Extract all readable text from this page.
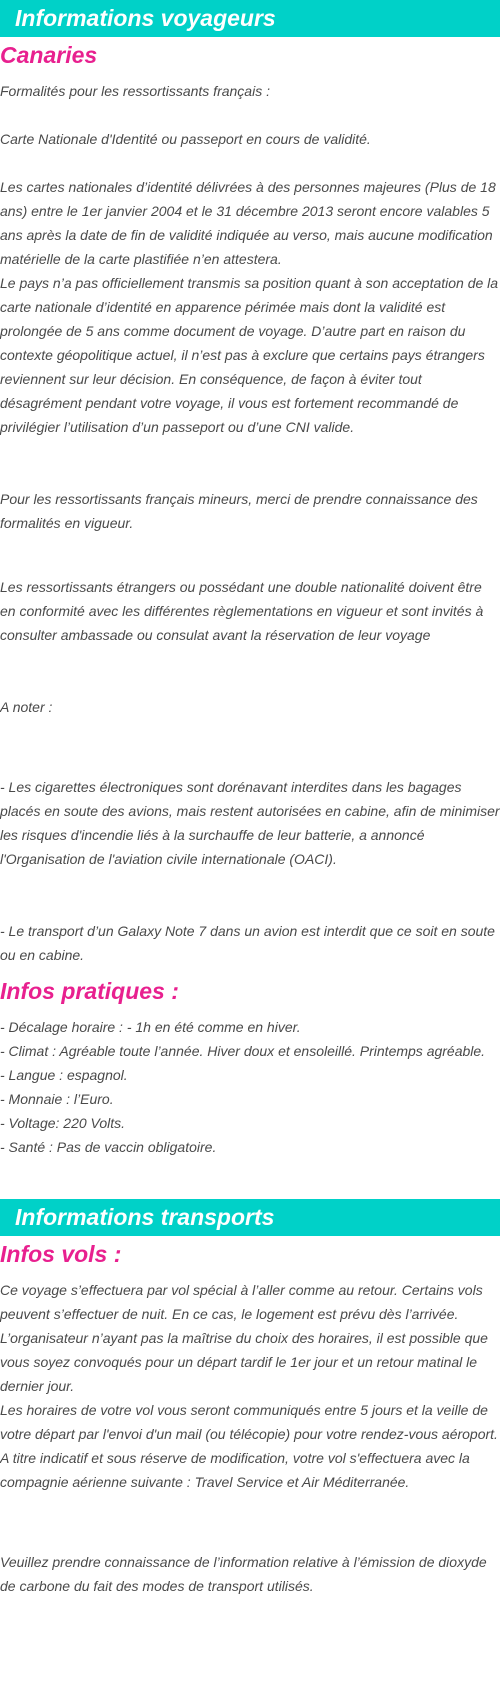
Informations voyageurs
Canaries

Formalités pour les ressortissants français :

Carte Nationale d'Identité ou passeport en cours de validité.

Les cartes nationales d’identité délivrées à des personnes majeures (Plus de 18 ans) entre le 1er janvier 2004 et le 31 décembre 2013 seront encore valables 5 ans après la date de fin de validité indiquée au verso, mais aucune modification matérielle de la carte plastifiée n’en attestera.

Le pays n’a pas officiellement transmis sa position quant à son acceptation de la carte nationale d’identité en apparence périmée mais dont la validité est prolongée de 5 ans comme document de voyage. D’autre part en raison du contexte géopolitique actuel, il n’est pas à exclure que certains pays étrangers reviennent sur leur décision. En conséquence, de façon à éviter tout désagrément pendant votre voyage, il vous est fortement recommandé de privilégier l’utilisation d’un passeport ou d’une CNI valide.

Pour les ressortissants français mineurs, merci de prendre connaissance des formalités en vigueur.

Les ressortissants étrangers ou possédant une double nationalité doivent être en conformité avec les différentes règlementations en vigueur et sont invités à consulter ambassade ou consulat avant la réservation de leur voyage

A noter :

- Les cigarettes électroniques sont dorénavant interdites dans les bagages placés en soute des avions, mais restent autorisées en cabine, afin de minimiser les risques d'incendie liés à la surchauffe de leur batterie, a annoncé l'Organisation de l'aviation civile internationale (OACI).

- Le transport d’un Galaxy Note 7 dans un avion est interdit que ce soit en soute ou en cabine.

Infos pratiques :

- Décalage horaire : - 1h en été comme en hiver.

- Climat : Agréable toute l’année. Hiver doux et ensoleillé. Printemps agréable.

- Langue : espagnol.

- Monnaie : l’Euro.

- Voltage: 220 Volts.

- Santé : Pas de vaccin obligatoire.

Informations transports
Infos vols :

Ce voyage s’effectuera par vol spécial à l’aller comme au retour. Certains vols peuvent s’effectuer de nuit. En ce cas, le logement est prévu dès l’arrivée.

L’organisateur n’ayant pas la maîtrise du choix des horaires, il est possible que vous soyez convoqués pour un départ tardif le 1er jour et un retour matinal le dernier jour.

Les horaires de votre vol vous seront communiqués entre 5 jours et la veille de votre départ par l'envoi d'un mail (ou télécopie) pour votre rendez-vous aéroport.

A titre indicatif et sous réserve de modification, votre vol s'effectuera avec la compagnie aérienne suivante : Travel Service et Air Méditerranée.

Veuillez prendre connaissance de l’information relative à l’émission de dioxyde de carbone du fait des modes de transport utilisés.
